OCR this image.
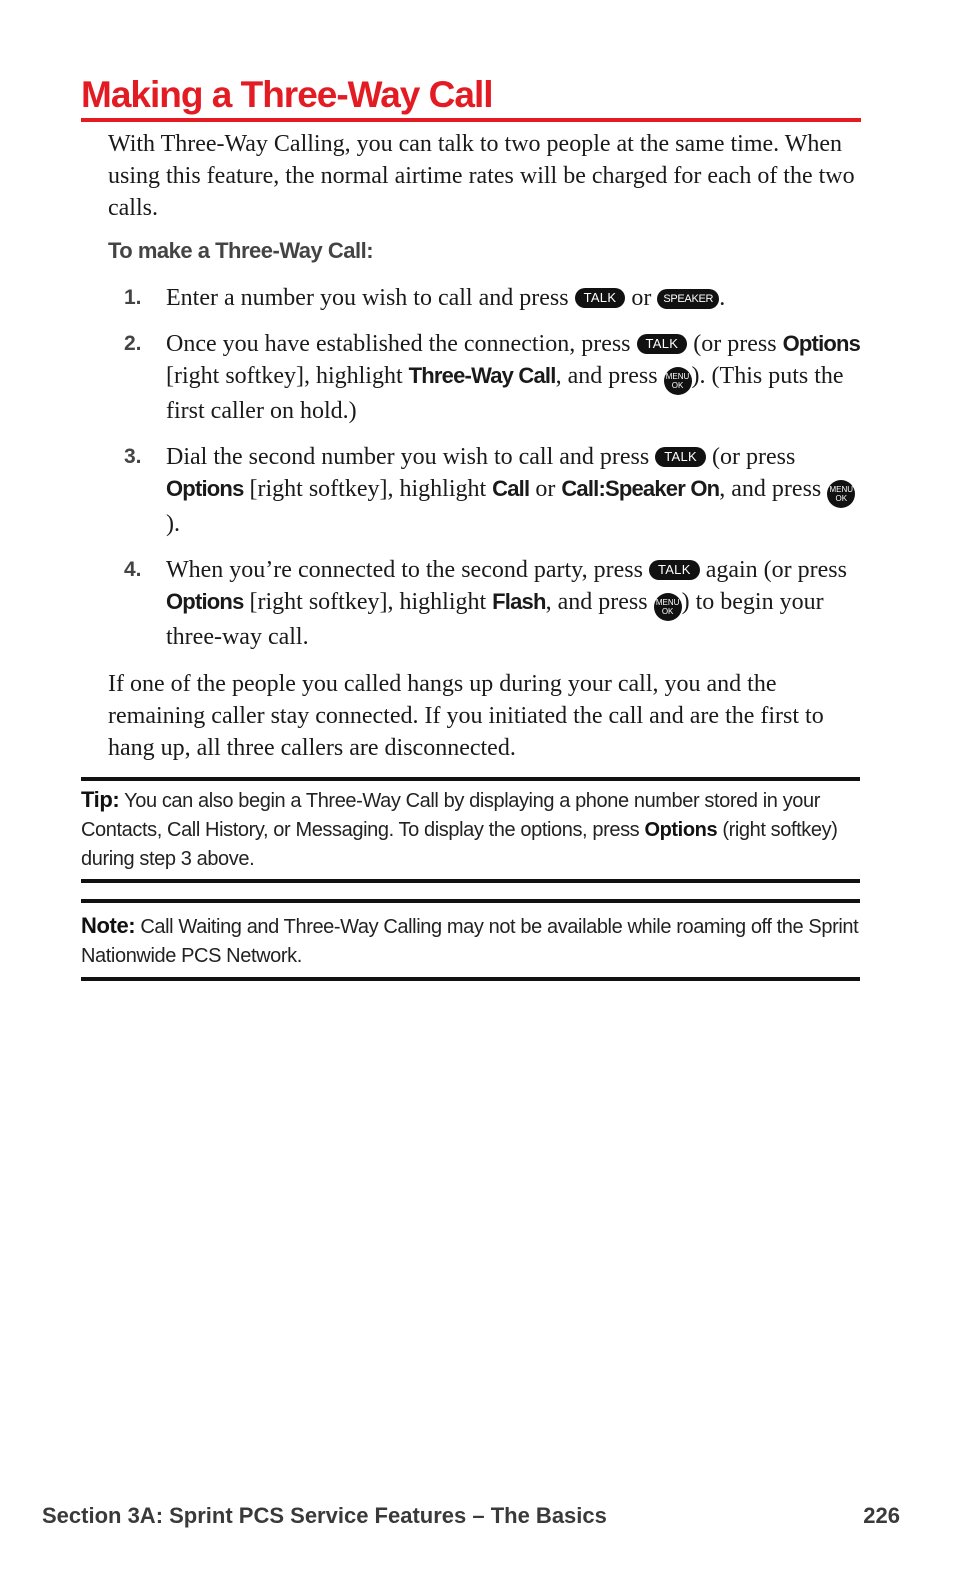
Making a Three-Way Call

With Three-Way Calling, you can talk to two people at the same time. When using this feature, the normal airtime rates will be charged for each of the two calls.

To make a Three-Way Call:

1. Enter a number you wish to call and press TALK or SPEAKER .
2. Once you have established the connection, press TALK (or press Options [right softkey], highlight Three-Way Call, and press MENU
OK ). (This puts the first caller on hold.)
3. Dial the second number you wish to call and press TALK (or press Options [right softkey], highlight Call or Call:Speaker On, and press MENU
OK
).
4. When you’re connected to the second party, press TALK again (or press Options [right softkey], highlight Flash, and press MENU
OK ) to begin your three-way call.

If one of the people you called hangs up during your call, you and the remaining caller stay connected. If you initiated the call and are the first to hang up, all three callers are disconnected.

Tip: You can also begin a Three-Way Call by displaying a phone number stored in your Contacts, Call History, or Messaging. To display the options, press Options (right softkey) during step 3 above.
Note: Call Waiting and Three-Way Calling may not be available while roaming off the Sprint Nationwide PCS Network.
Section 3A: Sprint PCS Service Features – The Basics	226
